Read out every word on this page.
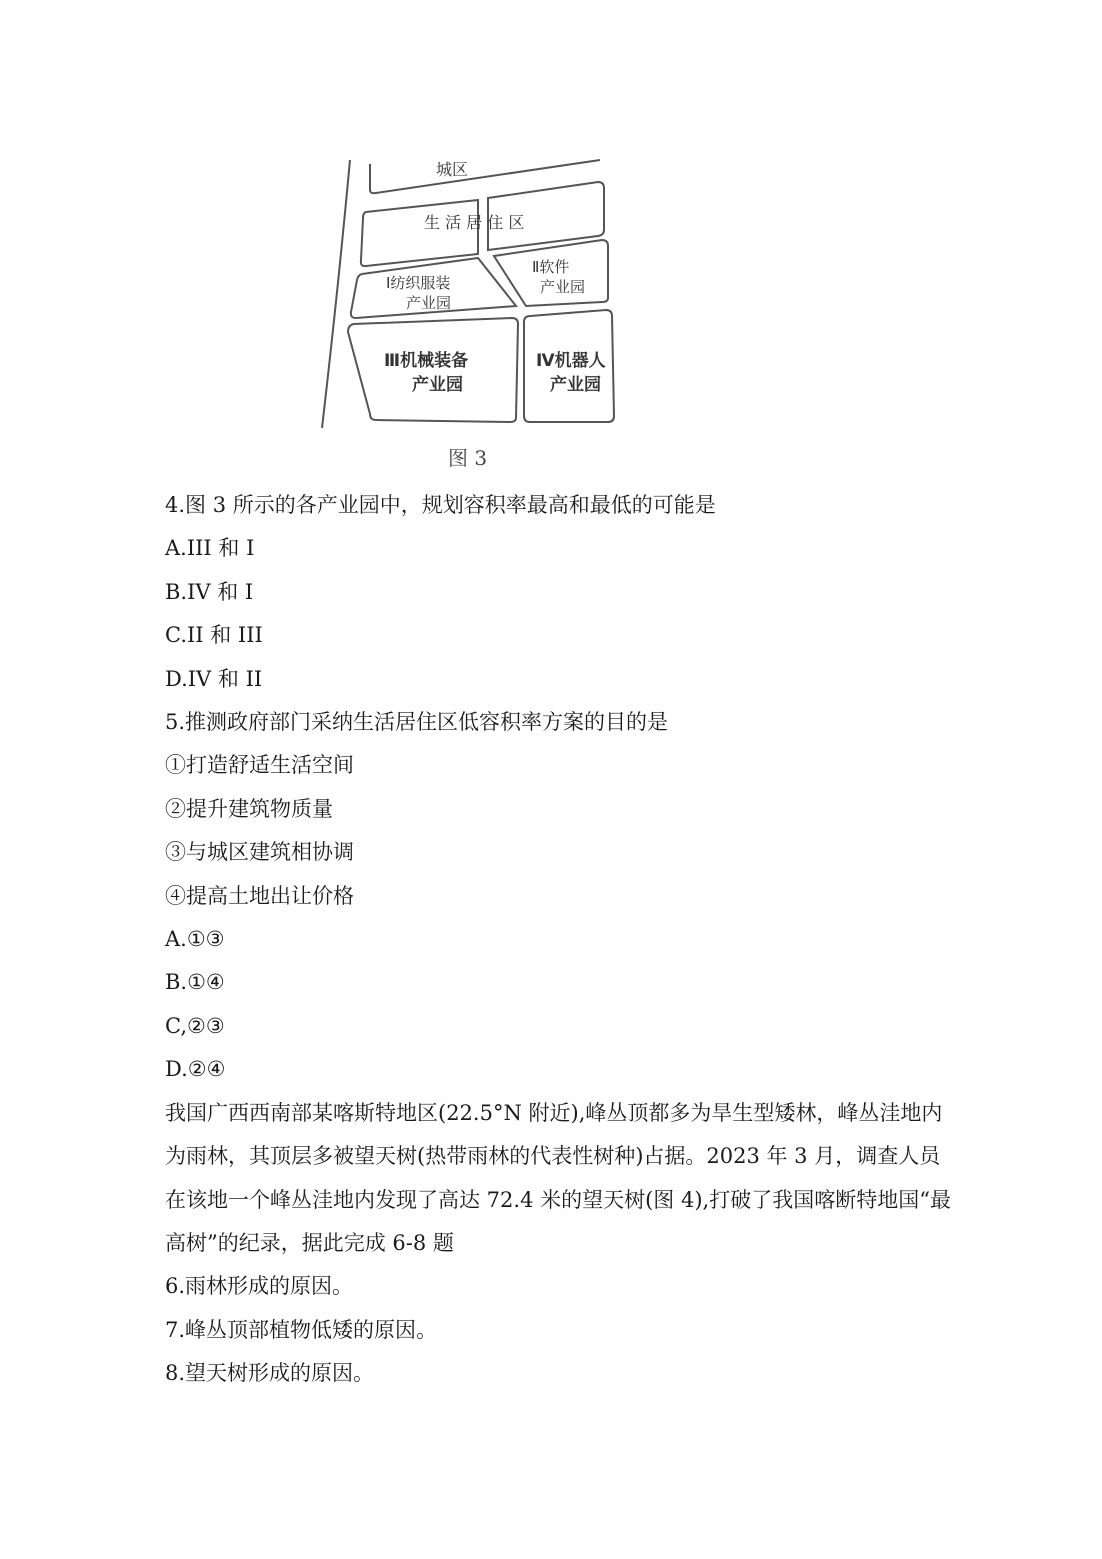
城区
生 活 居 住 区
Ⅰ纺织服装
产业园
Ⅱ软件
产业园
Ⅲ机械装备
产业园
Ⅳ机器人
产业园
图 3
4.图 3 所示的各产业园中，规划容积率最高和最低的可能是
A.III 和 I
B.IV 和 I
C.II 和 III
D.IV 和 II
5.推测政府部门采纳生活居住区低容积率方案的目的是
①打造舒适生活空间
②提升建筑物质量
③与城区建筑相协调
④提高土地出让价格
A.①③
B.①④
C,②③
D.②④
我国广西西南部某喀斯特地区(22.5°N 附近),峰丛顶都多为旱生型矮林，峰丛洼地内为雨林，其顶层多被望天树(热带雨林的代表性树种)占据。2023 年 3 月，调查人员在该地一个峰丛洼地内发现了高达 72.4 米的望天树(图 4),打破了我国喀断特地国“最高树”的纪录，据此完成 6-8 题
6.雨林形成的原因。
7.峰丛顶部植物低矮的原因。
8.望天树形成的原因。
